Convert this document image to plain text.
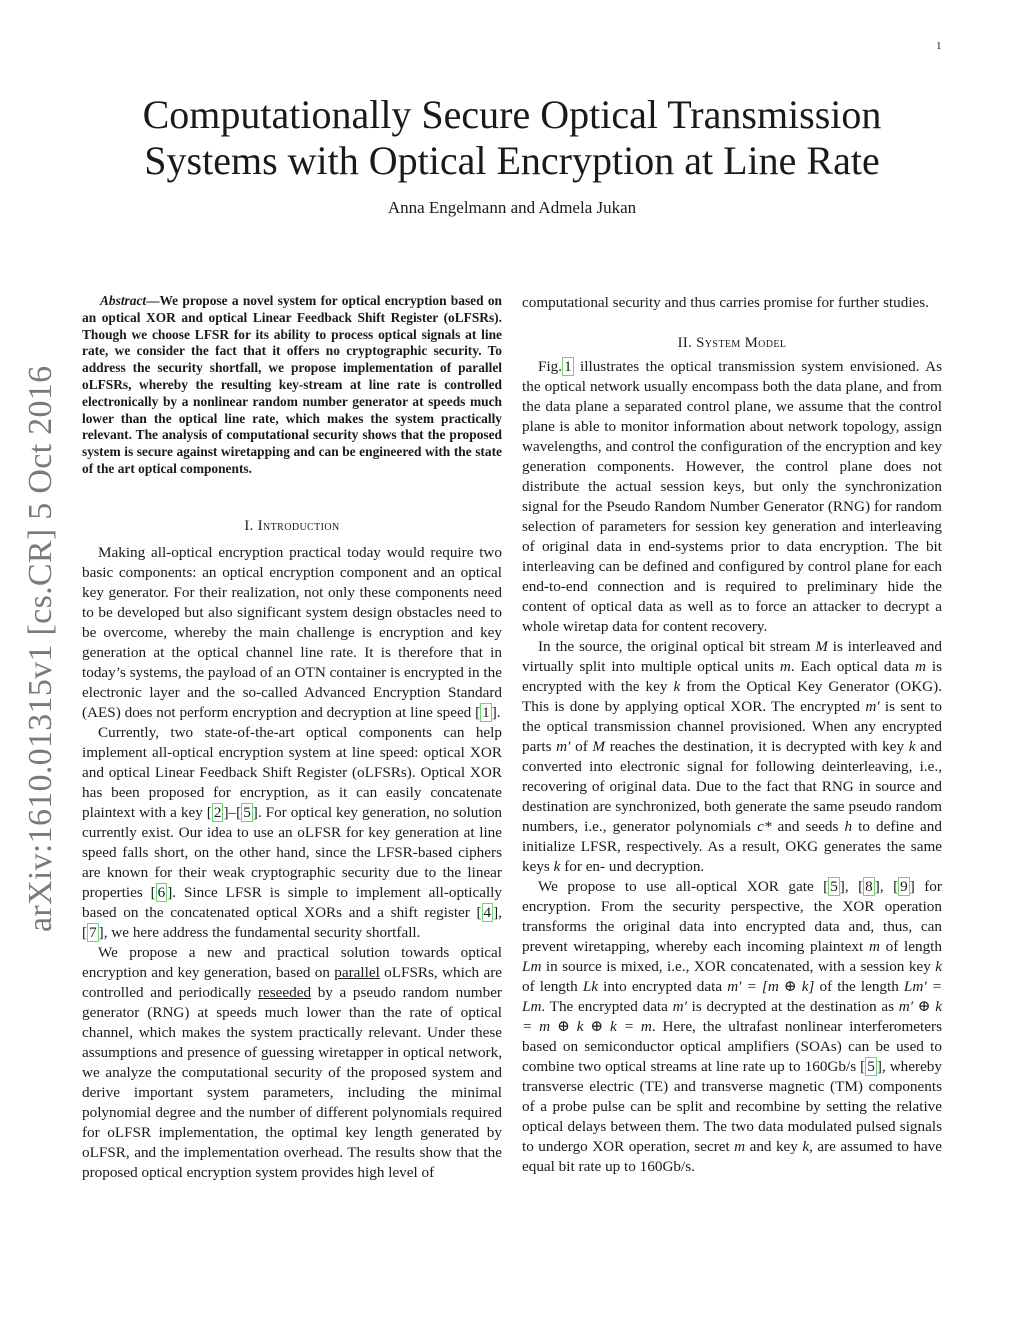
1
arXiv:1610.01315v1 [cs.CR] 5 Oct 2016
Computationally Secure Optical Transmission
Systems with Optical Encryption at Line Rate
Anna Engelmann and Admela Jukan

Abstract—We propose a novel system for optical encryption based on an optical XOR and optical Linear Feedback Shift Register (oLFSRs). Though we choose LFSR for its ability to process optical signals at line rate, we consider the fact that it offers no cryptographic security. To address the security shortfall, we propose implementation of parallel oLFSRs, whereby the resulting key-stream at line rate is controlled electronically by a nonlinear random number generator at speeds much lower than the optical line rate, which makes the system practically relevant. The analysis of computational security shows that the proposed system is secure against wiretapping and can be engineered with the state of the art optical components.

I. Introduction

Making all-optical encryption practical today would require two basic components: an optical encryption component and an optical key generator. For their realization, not only these components need to be developed but also significant system design obstacles need to be overcome, whereby the main challenge is encryption and key generation at the optical channel line rate. It is therefore that in today’s systems, the payload of an OTN container is encrypted in the electronic layer and the so-called Advanced Encryption Standard (AES) does not perform encryption and decryption at line speed [ 1 ].

Currently, two state-of-the-art optical components can help implement all-optical encryption system at line speed: optical XOR and optical Linear Feedback Shift Register (oLFSRs). Optical XOR has been proposed for encryption, as it can easily concatenate plaintext with a key [ 2 ]–[ 5 ]. For optical key generation, no solution currently exist. Our idea to use an oLFSR for key generation at line speed falls short, on the other hand, since the LFSR-based ciphers are known for their weak cryptographic security due to the linear properties [ 6 ]. Since LFSR is simple to implement all-optically based on the concatenated optical XORs and a shift register [ 4 ], [ 7 ], we here address the fundamental security shortfall.

We propose a new and practical solution towards optical encryption and key generation, based on parallel oLFSRs, which are controlled and periodically reseeded by a pseudo random number generator (RNG) at speeds much lower than the rate of optical channel, which makes the system practically relevant. Under these assumptions and presence of guessing wiretapper in optical network, we analyze the computational security of the proposed system and derive important system parameters, including the minimal polynomial degree and the number of different polynomials required for oLFSR implementation, the optimal key length generated by oLFSR, and the implementation overhead. The results show that the proposed optical encryption system provides high level of

computational security and thus carries promise for further studies.

II. System Model

Fig. 1 illustrates the optical transmission system envisioned. As the optical network usually encompass both the data plane, and from the data plane a separated control plane, we assume that the control plane is able to monitor information about network topology, assign wavelengths, and control the configuration of the encryption and key generation components. However, the control plane does not distribute the actual session keys, but only the synchronization signal for the Pseudo Random Number Generator (RNG) for random selection of parameters for session key generation and interleaving of original data in end-systems prior to data encryption. The bit interleaving can be defined and configured by control plane for each end-to-end connection and is required to preliminary hide the content of optical data as well as to force an attacker to decrypt a whole wiretap data for content recovery.

In the source, the original optical bit stream M is interleaved and virtually split into multiple optical units m. Each optical data m is encrypted with the key k from the Optical Key Generator (OKG). This is done by applying optical XOR. The encrypted m′ is sent to the optical transmission channel provisioned. When any encrypted parts m′ of M reaches the destination, it is decrypted with key k and converted into electronic signal for following deinterleaving, i.e., recovering of original data. Due to the fact that RNG in source and destination are synchronized, both generate the same pseudo random numbers, i.e., generator polynomials c* and seeds h to define and initialize LFSR, respectively. As a result, OKG generates the same keys k for en- und decryption.

We propose to use all-optical XOR gate [ 5 ], [ 8 ], [ 9 ] for encryption. From the security perspective, the XOR operation transforms the original data into encrypted data and, thus, can prevent wiretapping, whereby each incoming plaintext m of length Lm in source is mixed, i.e., XOR concatenated, with a session key k of length Lk into encrypted data m′ = [m ⊕ k] of the length Lm′ = Lm. The encrypted data m′ is decrypted at the destination as m′ ⊕ k = m ⊕ k ⊕ k = m. Here, the ultrafast nonlinear interferometers based on semiconductor optical amplifiers (SOAs) can be used to combine two optical streams at line rate up to 160Gb/s [ 5 ], whereby transverse electric (TE) and transverse magnetic (TM) components of a probe pulse can be split and recombine by setting the relative optical delays between them. The two data modulated pulsed signals to undergo XOR operation, secret m and key k, are assumed to have equal bit rate up to 160Gb/s.
